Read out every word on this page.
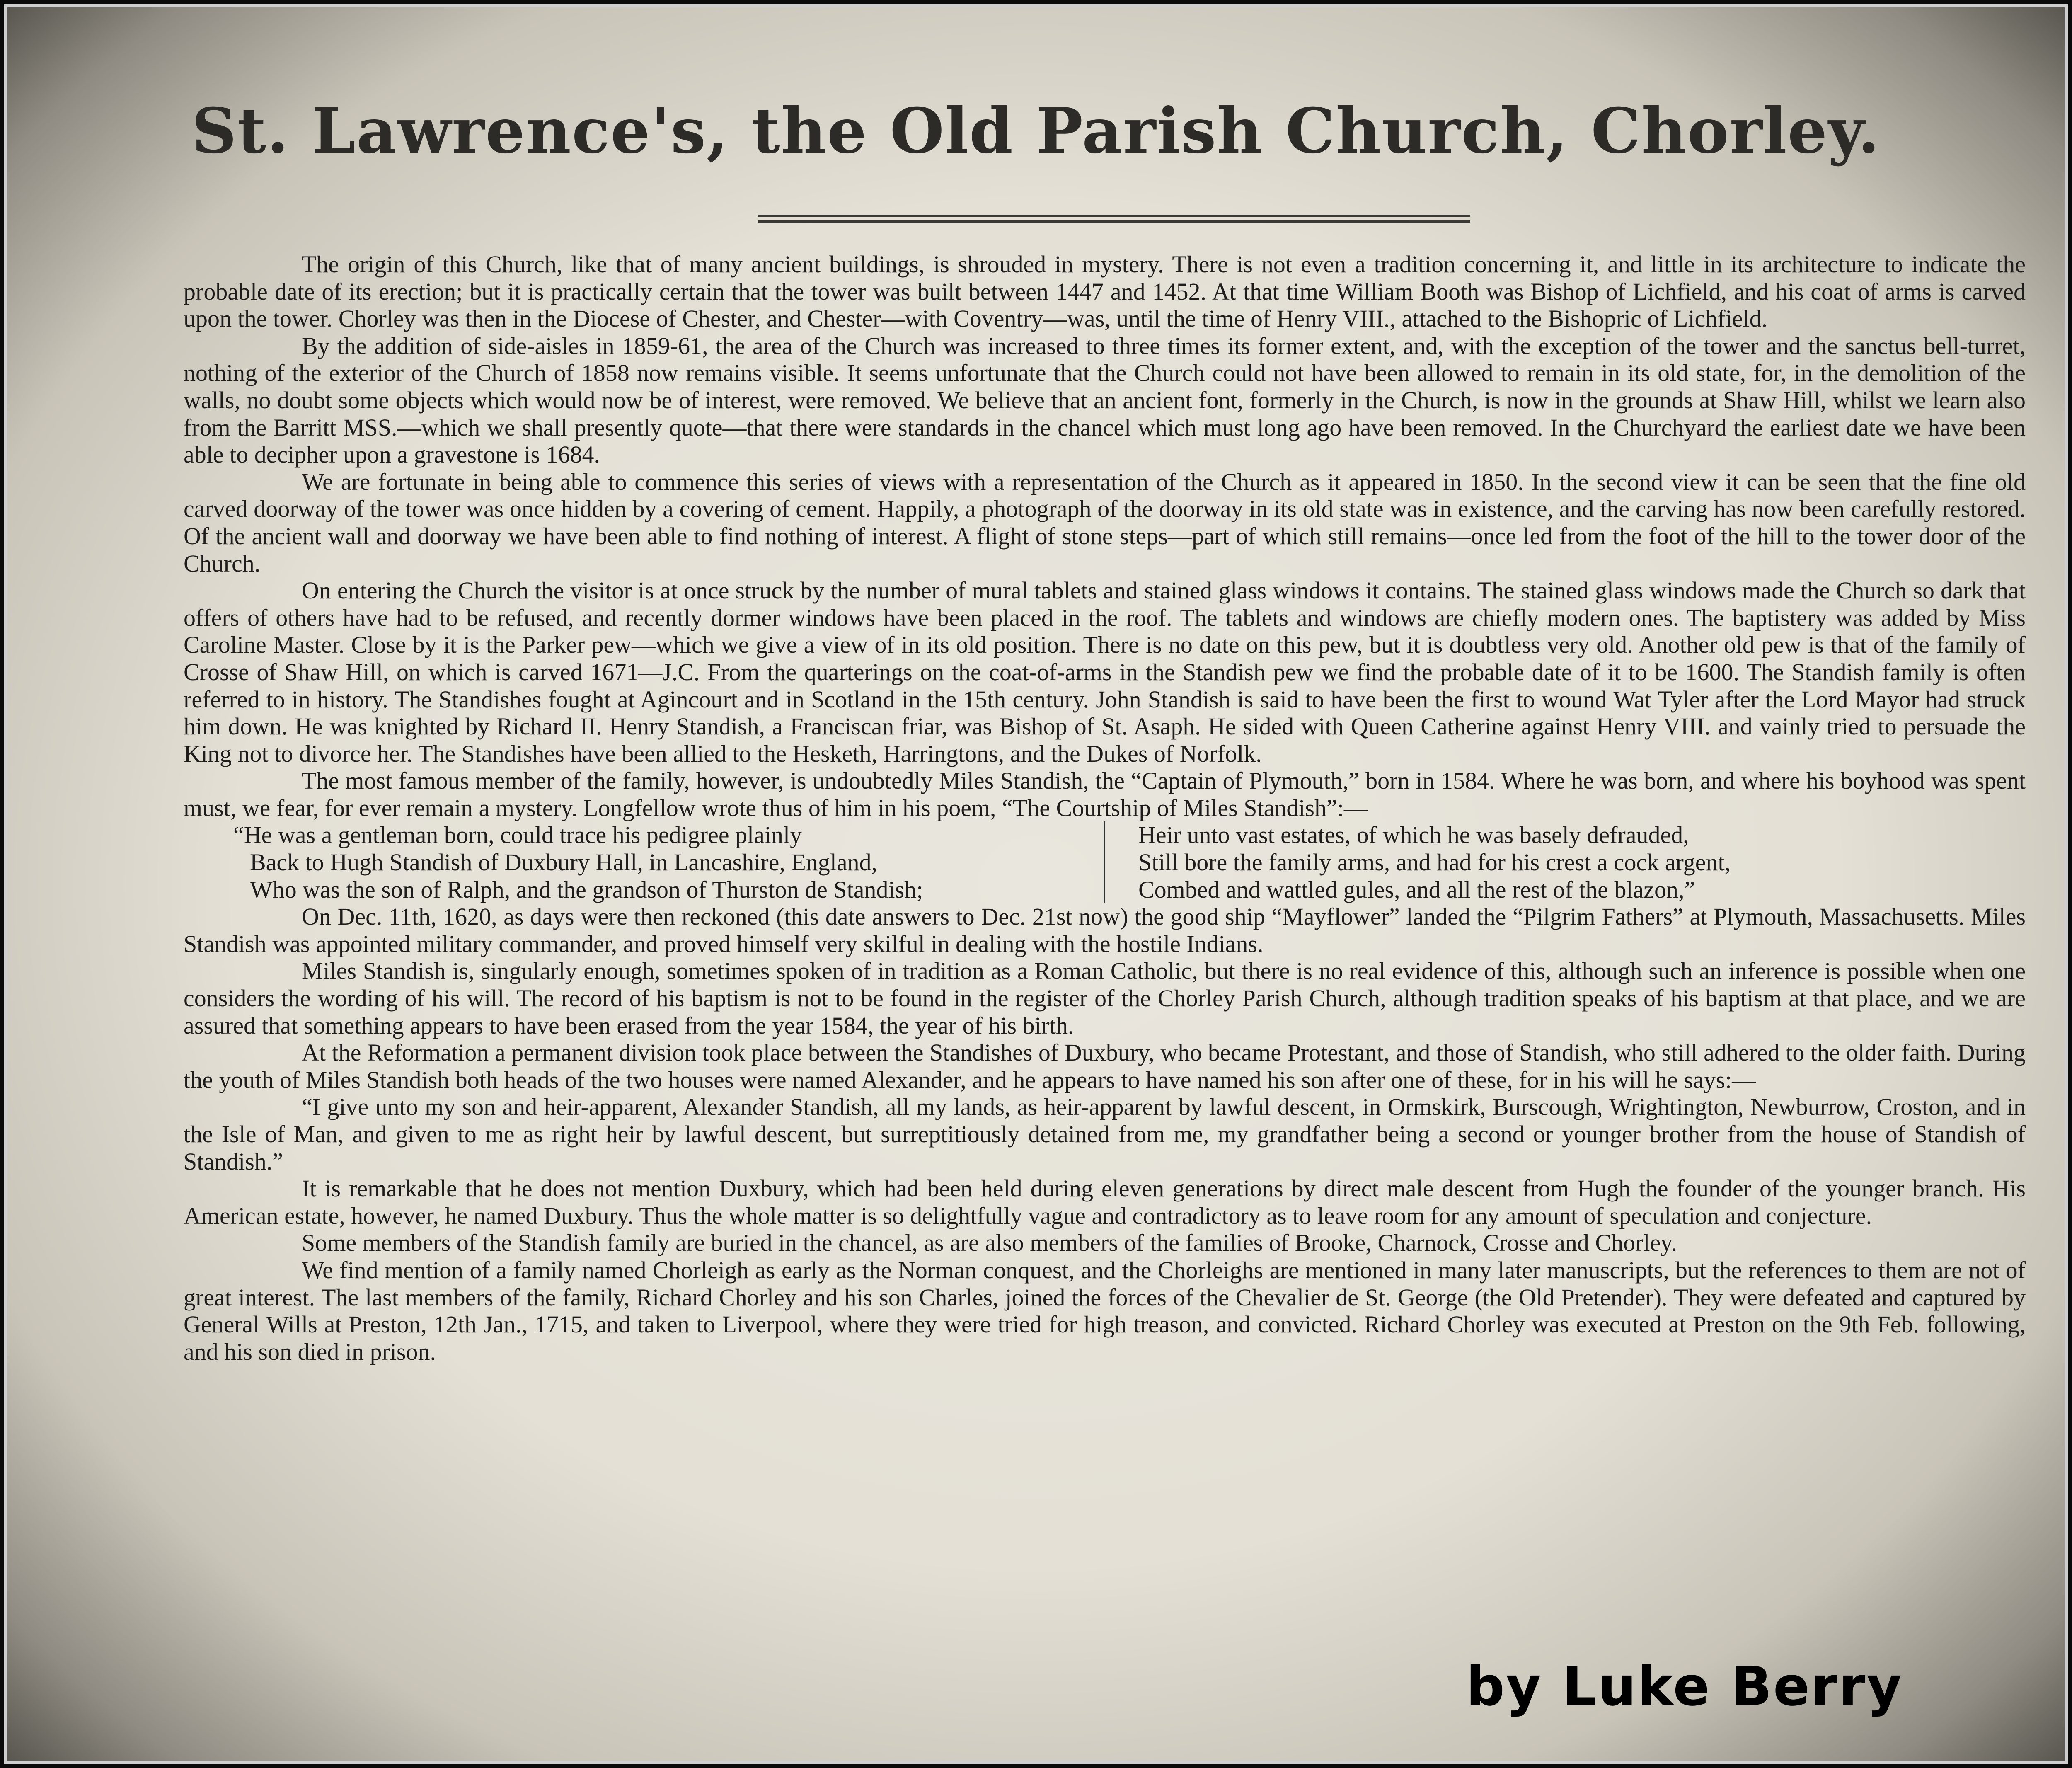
St. Lawrence's, the Old Parish Church, Chorley.

The origin of this Church, like that of many ancient buildings, is shrouded in mystery. There is not even a tradition concerning it, and little in its architecture to indicate the probable date of its erection; but it is practically certain that the tower was built between 1447 and 1452. At that time William Booth was Bishop of Lichfield, and his coat of arms is carved upon the tower. Chorley was then in the Diocese of Chester, and Chester—with Coventry—was, until the time of Henry VIII., attached to the Bishopric of Lichfield.

By the addition of side-aisles in 1859-61, the area of the Church was increased to three times its former extent, and, with the exception of the tower and the sanctus bell-turret, nothing of the exterior of the Church of 1858 now remains visible. It seems unfortunate that the Church could not have been allowed to remain in its old state, for, in the demolition of the walls, no doubt some objects which would now be of interest, were removed. We believe that an ancient font, formerly in the Church, is now in the grounds at Shaw Hill, whilst we learn also from the Barritt MSS.—which we shall presently quote—that there were standards in the chancel which must long ago have been removed. In the Churchyard the earliest date we have been able to decipher upon a gravestone is 1684.

We are fortunate in being able to commence this series of views with a representation of the Church as it appeared in 1850. In the second view it can be seen that the fine old carved doorway of the tower was once hidden by a covering of cement. Happily, a photograph of the doorway in its old state was in existence, and the carving has now been carefully restored. Of the ancient wall and doorway we have been able to find nothing of interest. A flight of stone steps—part of which still remains—once led from the foot of the hill to the tower door of the Church.

On entering the Church the visitor is at once struck by the number of mural tablets and stained glass windows it contains. The stained glass windows made the Church so dark that offers of others have had to be refused, and recently dormer windows have been placed in the roof. The tablets and windows are chiefly modern ones. The baptistery was added by Miss Caroline Master. Close by it is the Parker pew—which we give a view of in its old position. There is no date on this pew, but it is doubtless very old. Another old pew is that of the family of Crosse of Shaw Hill, on which is carved 1671—J.C. From the quarterings on the coat-of-arms in the Standish pew we find the probable date of it to be 1600. The Standish family is often referred to in history. The Standishes fought at Agincourt and in Scotland in the 15th century. John Standish is said to have been the first to wound Wat Tyler after the Lord Mayor had struck him down. He was knighted by Richard II. Henry Standish, a Franciscan friar, was Bishop of St. Asaph. He sided with Queen Catherine against Henry VIII. and vainly tried to persuade the King not to divorce her. The Standishes have been allied to the Hesketh, Harringtons, and the Dukes of Norfolk.

The most famous member of the family, however, is undoubtedly Miles Standish, the “Captain of Plymouth,” born in 1584. Where he was born, and where his boyhood was spent must, we fear, for ever remain a mystery. Longfellow wrote thus of him in his poem, “The Courtship of Miles Standish”:—

“He was a gentleman born, could trace his pedigree plainly
Back to Hugh Standish of Duxbury Hall, in Lancashire, England,
Who was the son of Ralph, and the grandson of Thurston de Standish;
Heir unto vast estates, of which he was basely defrauded,
Still bore the family arms, and had for his crest a cock argent,
Combed and wattled gules, and all the rest of the blazon,”

On Dec. 11th, 1620, as days were then reckoned (this date answers to Dec. 21st now) the good ship “Mayflower” landed the “Pilgrim Fathers” at Plymouth, Massachusetts. Miles Standish was appointed military commander, and proved himself very skilful in dealing with the hostile Indians.

Miles Standish is, singularly enough, sometimes spoken of in tradition as a Roman Catholic, but there is no real evidence of this, although such an inference is possible when one considers the wording of his will. The record of his baptism is not to be found in the register of the Chorley Parish Church, although tradition speaks of his baptism at that place, and we are assured that something appears to have been erased from the year 1584, the year of his birth.

At the Reformation a permanent division took place between the Standishes of Duxbury, who became Protestant, and those of Standish, who still adhered to the older faith. During the youth of Miles Standish both heads of the two houses were named Alexander, and he appears to have named his son after one of these, for in his will he says:—

“I give unto my son and heir-apparent, Alexander Standish, all my lands, as heir-apparent by lawful descent, in Ormskirk, Burscough, Wrightington, Newburrow, Croston, and in the Isle of Man, and given to me as right heir by lawful descent, but surreptitiously detained from me, my grandfather being a second or younger brother from the house of Standish of Standish.”

It is remarkable that he does not mention Duxbury, which had been held during eleven generations by direct male descent from Hugh the founder of the younger branch. His American estate, however, he named Duxbury. Thus the whole matter is so delightfully vague and contradictory as to leave room for any amount of speculation and conjecture.

Some members of the Standish family are buried in the chancel, as are also members of the families of Brooke, Charnock, Crosse and Chorley.

We find mention of a family named Chorleigh as early as the Norman conquest, and the Chorleighs are mentioned in many later manuscripts, but the references to them are not of great interest. The last members of the family, Richard Chorley and his son Charles, joined the forces of the Chevalier de St. George (the Old Pretender). They were defeated and captured by General Wills at Preston, 12th Jan., 1715, and taken to Liverpool, where they were tried for high treason, and convicted. Richard Chorley was executed at Preston on the 9th Feb. following, and his son died in prison.

by Luke Berry
